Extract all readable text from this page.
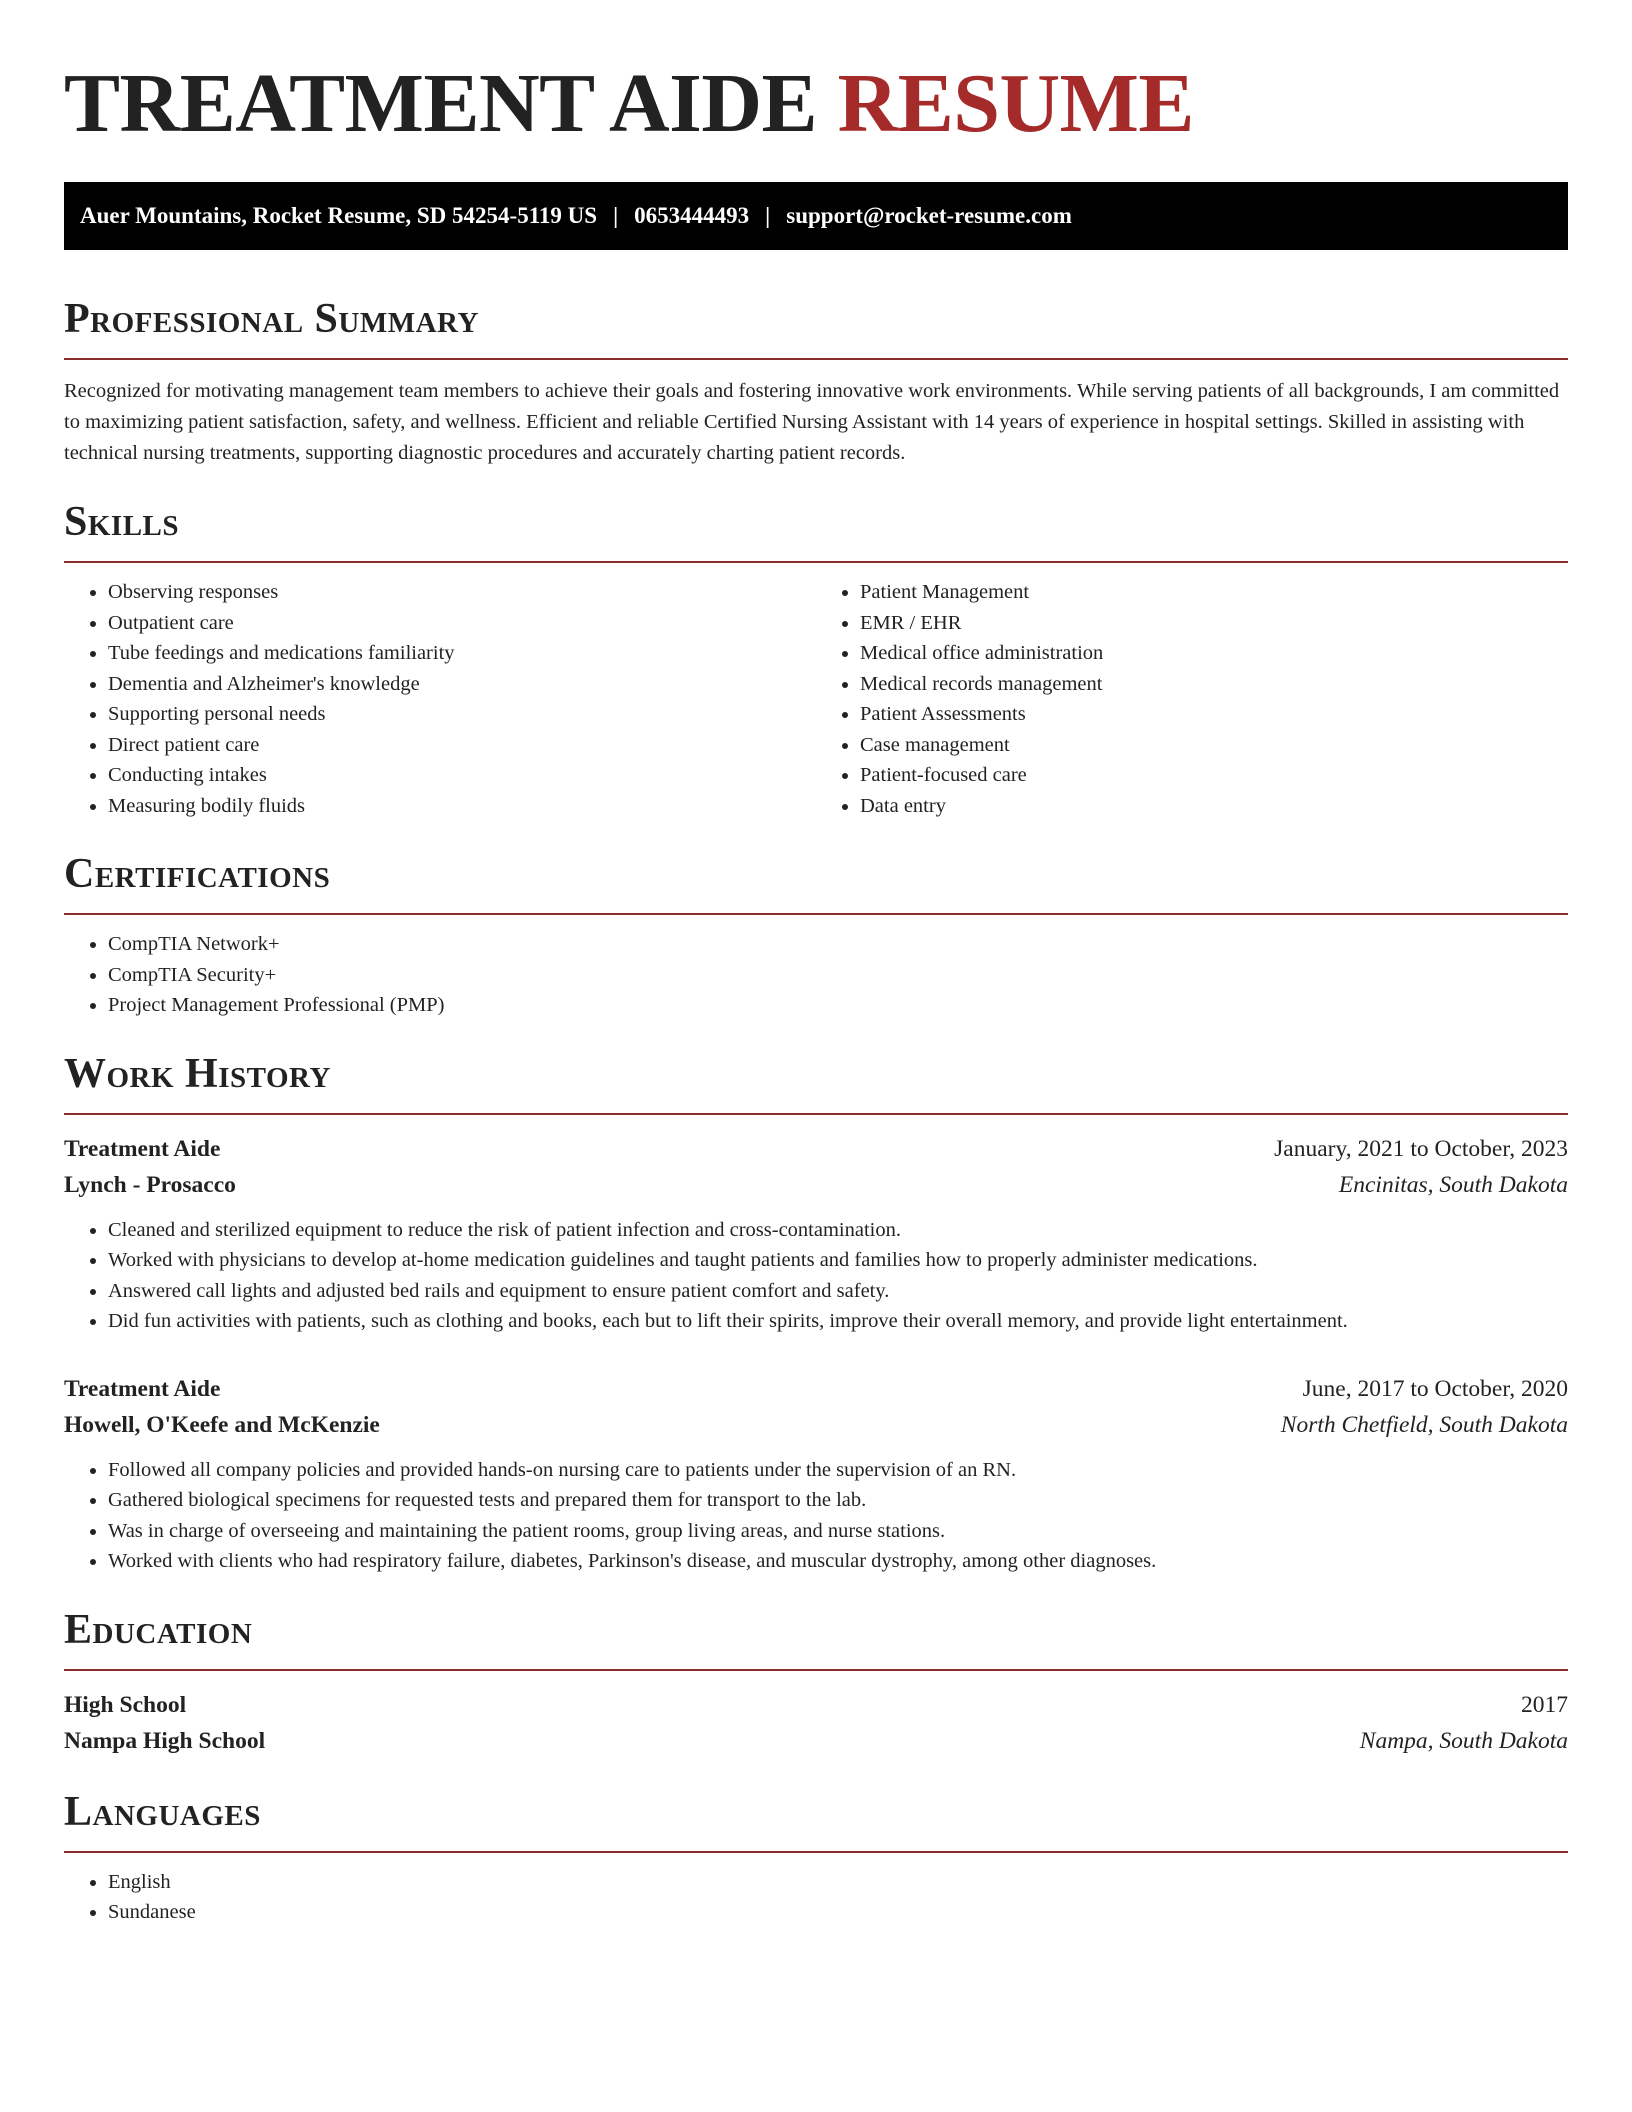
TREATMENT AIDE RESUME
Auer Mountains, Rocket Resume, SD 54254-5119 US | 0653444493 | support@rocket-resume.com
Professional Summary

Recognized for motivating management team members to achieve their goals and fostering innovative work environments. While serving patients of all backgrounds, I am committed to maximizing patient satisfaction, safety, and wellness. Efficient and reliable Certified Nursing Assistant with 14 years of experience in hospital settings. Skilled in assisting with technical nursing treatments, supporting diagnostic procedures and accurately charting patient records.

Skills
• Observing responses
• Outpatient care
• Tube feedings and medications familiarity
• Dementia and Alzheimer's knowledge
• Supporting personal needs
• Direct patient care
• Conducting intakes
• Measuring bodily fluids
• Patient Management
• EMR / EHR
• Medical office administration
• Medical records management
• Patient Assessments
• Case management
• Patient-focused care
• Data entry
Certifications
• CompTIA Network+
• CompTIA Security+
• Project Management Professional (PMP)
Work History
Treatment Aide	January, 2021 to October, 2023
Lynch - Prosacco	Encinitas, South Dakota
• Cleaned and sterilized equipment to reduce the risk of patient infection and cross-contamination.
• Worked with physicians to develop at-home medication guidelines and taught patients and families how to properly administer medications.
• Answered call lights and adjusted bed rails and equipment to ensure patient comfort and safety.
• Did fun activities with patients, such as clothing and books, each but to lift their spirits, improve their overall memory, and provide light entertainment.
Treatment Aide	June, 2017 to October, 2020
Howell, O'Keefe and McKenzie	North Chetfield, South Dakota
• Followed all company policies and provided hands-on nursing care to patients under the supervision of an RN.
• Gathered biological specimens for requested tests and prepared them for transport to the lab.
• Was in charge of overseeing and maintaining the patient rooms, group living areas, and nurse stations.
• Worked with clients who had respiratory failure, diabetes, Parkinson's disease, and muscular dystrophy, among other diagnoses.
Education
High School	2017
Nampa High School	Nampa, South Dakota
Languages
• English
• Sundanese
